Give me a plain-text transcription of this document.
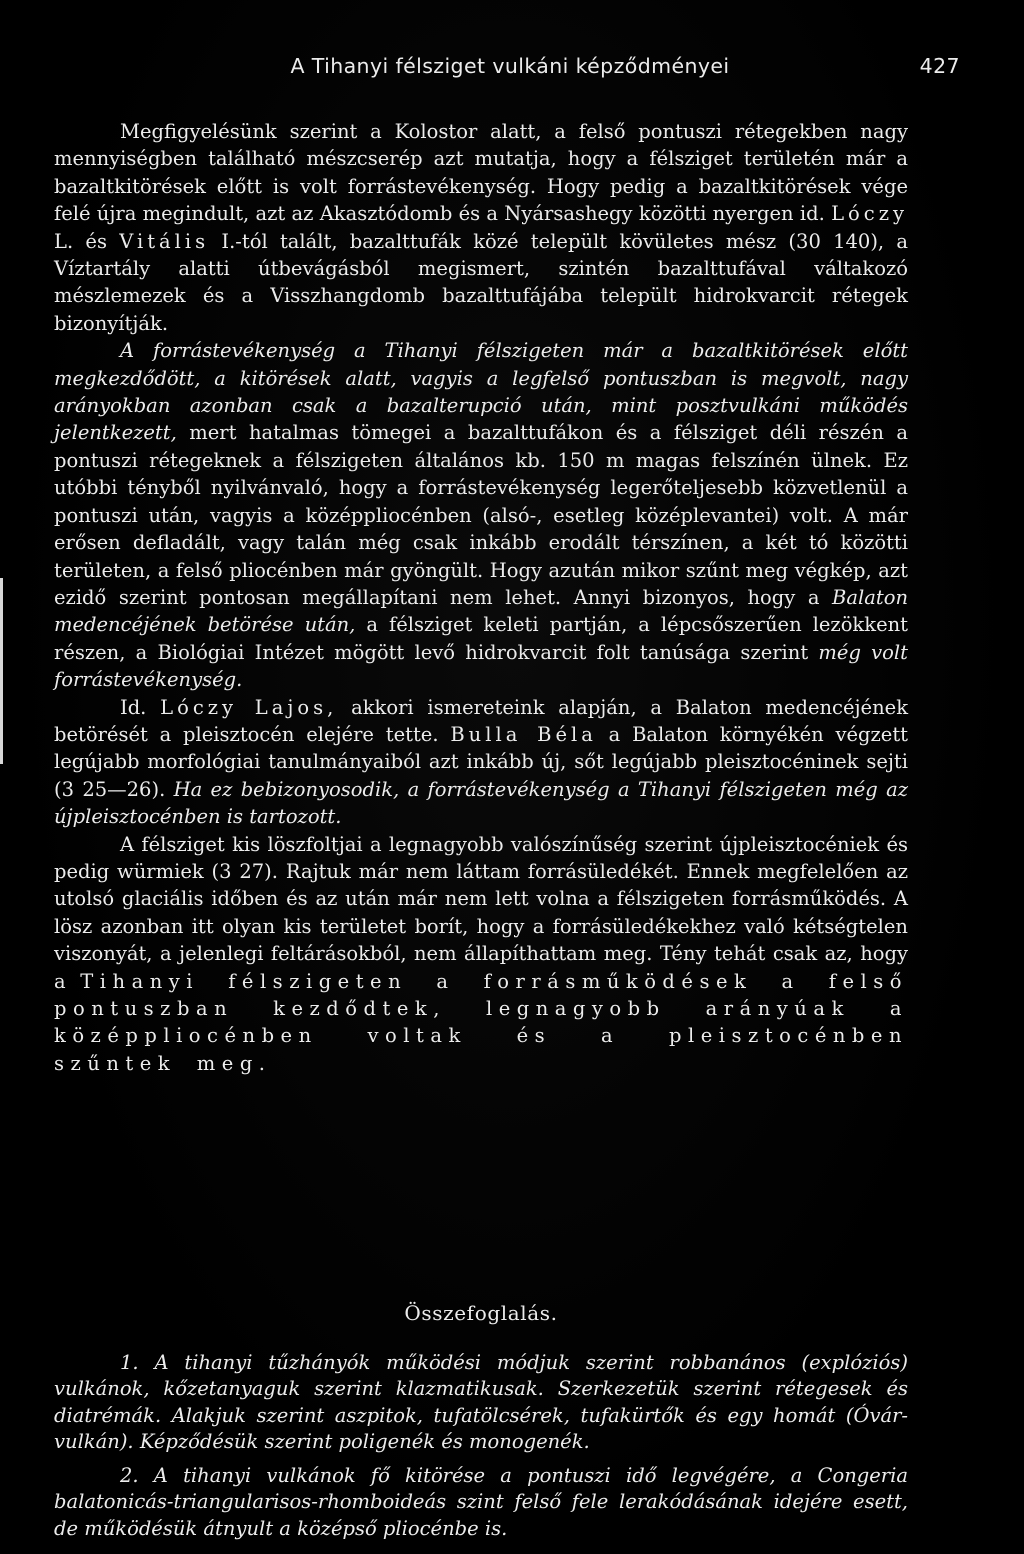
A Tihanyi félsziget vulkáni képződményei	427

Megfigyelésünk szerint a Kolostor alatt, a felső pontuszi rétegekben nagy mennyiségben található mészcserép azt mutatja, hogy a félsziget területén már a bazaltkitörések előtt is volt forrástevékenység. Hogy pedig a bazaltkitörések vége felé újra megindult, azt az Akasztódomb és a Nyársashegy közötti nyergen id. Lóczy L. és Vitális I.-tól talált, bazalttufák közé települt kövületes mész (30 140), a Víztartály alatti útbevágásból megismert, szintén bazalttufával váltakozó mészlemezek és a Visszhangdomb bazalttufájába települt hidrokvarcit rétegek bizonyítják.

A forrástevékenység a Tihanyi félszigeten már a bazaltkitörések előtt megkezdődött, a kitörések alatt, vagyis a legfelső pontuszban is megvolt, nagy arányokban azonban csak a bazalterupció után, mint posztvulkáni működés jelentkezett, mert hatalmas tömegei a bazalttufákon és a félsziget déli részén a pontuszi rétegeknek a félszigeten általános kb. 150 m magas felszínén ülnek. Ez utóbbi tényből nyilvánvaló, hogy a forrástevékenység legerőteljesebb közvetlenül a pontuszi után, vagyis a középpliocénben (alsó-, esetleg középlevantei) volt. A már erősen defladált, vagy talán még csak inkább erodált térszínen, a két tó közötti területen, a felső pliocénben már gyöngült. Hogy azután mikor szűnt meg végkép, azt ezidő szerint pontosan megállapítani nem lehet. Annyi bizonyos, hogy a Balaton medencéjének betörése után, a félsziget keleti partján, a lépcsőszerűen lezökkent részen, a Biológiai Intézet mögött levő hidrokvarcit folt tanúsága szerint még volt forrástevékenység.

Id. Lóczy Lajos, akkori ismereteink alapján, a Balaton medencéjének betörését a pleisztocén elejére tette. Bulla Béla a Balaton környékén végzett legújabb morfológiai tanulmányaiból azt inkább új, sőt legújabb pleisztocéninek sejti (3 25—26). Ha ez bebizonyosodik, a forrástevékenység a Tihanyi félszigeten még az újpleisztocénben is tartozott.

A félsziget kis löszfoltjai a legnagyobb valószínűség szerint újpleisztocéniek és pedig würmiek (3 27). Rajtuk már nem láttam forrásüledékét. Ennek megfelelően az utolsó glaciális időben és az után már nem lett volna a félszigeten forrásműködés. A lösz azonban itt olyan kis területet borít, hogy a forrásüledékekhez való kétségtelen viszonyát, a jelenlegi feltárásokból, nem állapíthattam meg. Tény tehát csak az, hogy a Tihanyi félszigeten a forrásműködések a felső pontuszban kezdődtek, legnagyobb arányúak a középpliocénben voltak és a pleisztocénben szűntek meg.

Összefoglalás.

1. A tihanyi tűzhányók működési módjuk szerint robbanános (explóziós) vulkánok, kőzetanyaguk szerint klazmatikusak. Szerkezetük szerint rétegesek és diatrémák. Alakjuk szerint aszpitok, tufatölcsérek, tufakürtők és egy homát (Óvár-vulkán). Képződésük szerint poligenék és monogenék.

2. A tihanyi vulkánok fő kitörése a pontuszi idő legvégére, a Congeria balatonicás-triangularisos-rhomboideás szint felső fele lerakódásának idejére esett, de működésük átnyult a középső pliocénbe is.
